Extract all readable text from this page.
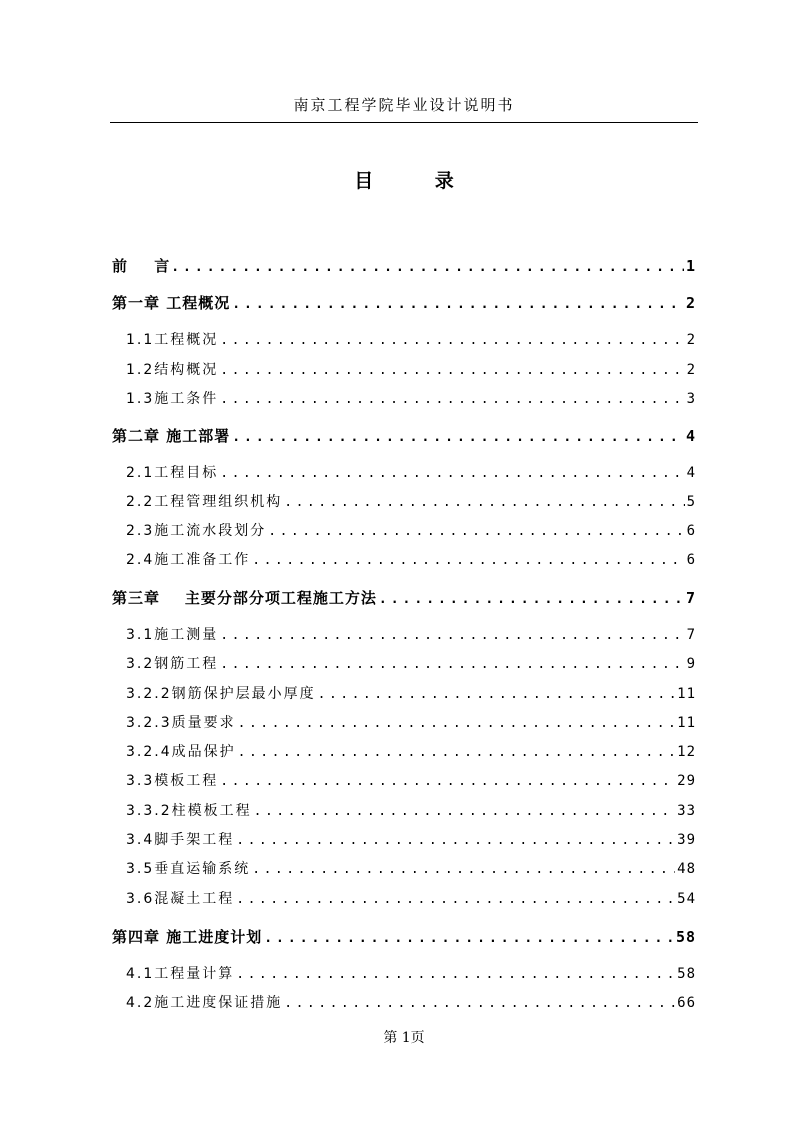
南京工程学院毕业设计说明书
目 录
前 言 .....	1
第一章 工程概况 .....	2
1.1工程概况 .....	2
1.2结构概况 .....	2
1.3施工条件 .....	3
第二章 施工部署 .....	4
2.1工程目标 .....	4
2.2工程管理组织机构 .....	5
2.3施工流水段划分 .....	6
2.4施工准备工作 .....	6
第三章    主要分部分项工程施工方法 .....	7
3.1施工测量 .....	7
3.2钢筋工程 .....	9
3.2.2钢筋保护层最小厚度 .....	11
3.2.3质量要求 .....	11
3.2.4成品保护 .....	12
3.3模板工程 .....	29
3.3.2柱模板工程 .....	33
3.4脚手架工程 .....	39
3.5垂直运输系统 .....	48
3.6混凝土工程 .....	54
第四章 施工进度计划 .....	58
4.1工程量计算 .....	58
4.2施工进度保证措施 .....	66
第 1页
